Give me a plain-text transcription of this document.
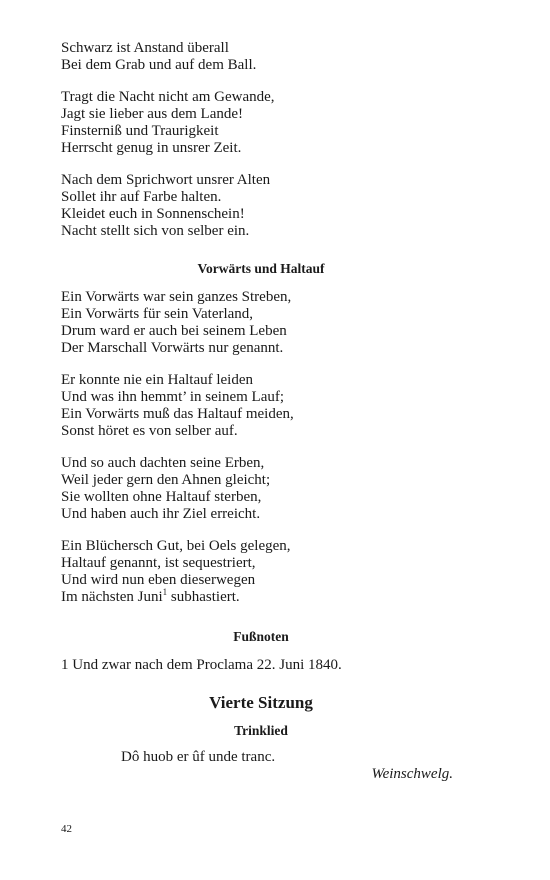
Schwarz ist Anstand überall
Bei dem Grab und auf dem Ball.
Tragt die Nacht nicht am Gewande,
Jagt sie lieber aus dem Lande!
Finsterniß und Traurigkeit
Herrscht genug in unsrer Zeit.
Nach dem Sprichwort unsrer Alten
Sollet ihr auf Farbe halten.
Kleidet euch in Sonnenschein!
Nacht stellt sich von selber ein.
Vorwärts und Haltauf
Ein Vorwärts war sein ganzes Streben,
Ein Vorwärts für sein Vaterland,
Drum ward er auch bei seinem Leben
Der Marschall Vorwärts nur genannt.
Er konnte nie ein Haltauf leiden
Und was ihn hemmt’ in seinem Lauf;
Ein Vorwärts muß das Haltauf meiden,
Sonst höret es von selber auf.
Und so auch dachten seine Erben,
Weil jeder gern den Ahnen gleicht;
Sie wollten ohne Haltauf sterben,
Und haben auch ihr Ziel erreicht.
Ein Blüchersch Gut, bei Oels gelegen,
Haltauf genannt, ist sequestriert,
Und wird nun eben dieserwegen
Im nächsten Juni$^1$ subhastiert.
Fußnoten
1 Und zwar nach dem Proclama 22. Juni 1840.
Vierte Sitzung
Trinklied
Dô huob er ûf unde tranc.
Weinschwelg.
42
